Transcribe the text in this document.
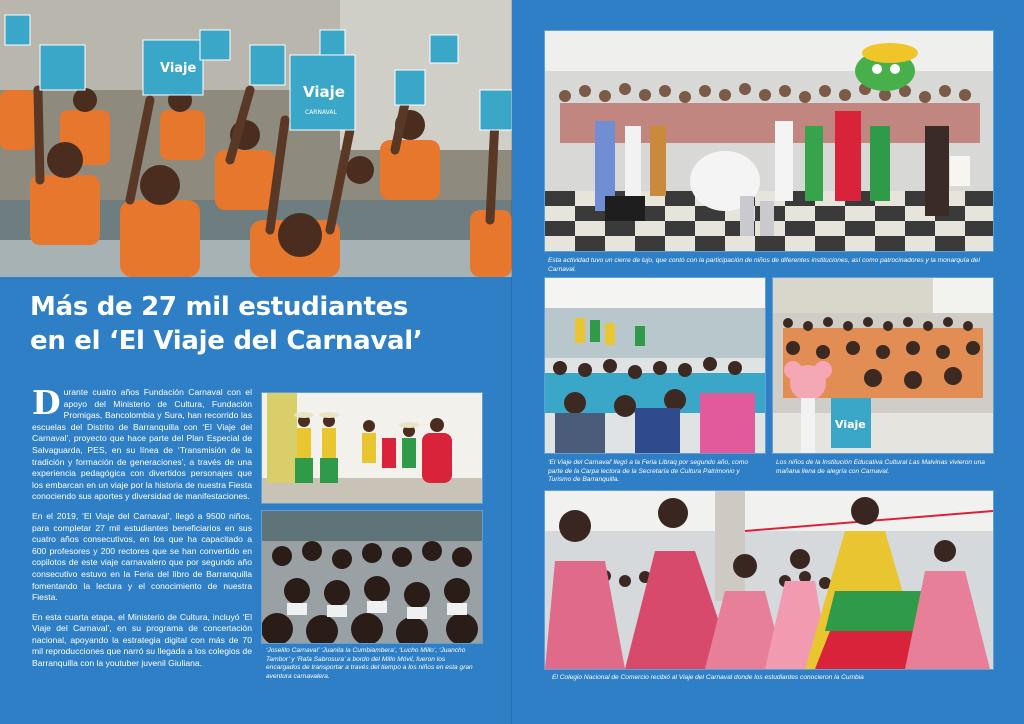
Viaje
Viaje
CARNAVAL
Más de 27 mil estudiantes
en el ‘El Viaje del Carnaval’

Durante cuatro años Fundación Carnaval con el apoyo del Ministerio de Cultura, Fundación Promigas, Bancolombia y Sura, han recorrido las escuelas del Distrito de Barranquilla con ‘El Viaje del Carnaval’, proyecto que hace parte del Plan Especial de Salvaguarda, PES, en su línea de ‘Transmisión de la tradición y formación de generaciones’, a través de una experiencia pedagógica con divertidos personajes que los embarcan en un viaje por la historia de nuestra Fiesta conociendo sus aportes y diversidad de manifestaciones.

En el 2019, ‘El Viaje del Carnaval’, llegó a 9500 niños, para completar 27 mil estudiantes beneficiarios en sus cuatro años consecutivos, en los que ha capacitado a 600 profesores y 200 rectores que se han convertido en copilotos de este viaje carnavalero que por segundo año consecutivo estuvo en la Feria del libro de Barranquilla fomentando la lectura y el conocimiento de nuestra Fiesta.

En esta cuarta etapa, el Ministerio de Cultura, incluyó ‘El Viaje del Carnaval’, en su programa de concertación nacional, apoyando la estrategia digital con más de 70 mil reproducciones que narró su llegada a los colegios de Barranquilla con la youtuber juvenil Giuliana.

‘Joselito Carnaval’ ‘Juanita la Cumbiambera’, ‘Lucho Millo’, ‘Juancho Tambor’ y ‘Rafa Sabrosura’ a bordo del Millo Móvil, fueron los encargados de transportar a través del tiempo a los niños en esta gran aventura carnavalera.
Esta actividad tuvo un cierre de lujo, que contó con la participación de niños de diferentes instituciones, así como patrocinadores y la monarquía del Carnaval.
‘El Viaje del Carnaval’ llegó a la Feria Libraq por segundo año, como parte de la Carpa lectora de la Secretaría de Cultura Patrimonio y Turismo de Barranquilla.
Viaje
Los niños de la Institución Educativa Cultural Las Malvinas vivieron una mañana llena de alegría con Carnaval.
El Colegio Nacional de Comercio recibió al Viaje del Carnaval donde los estudiantes conocieron la Cumbia
